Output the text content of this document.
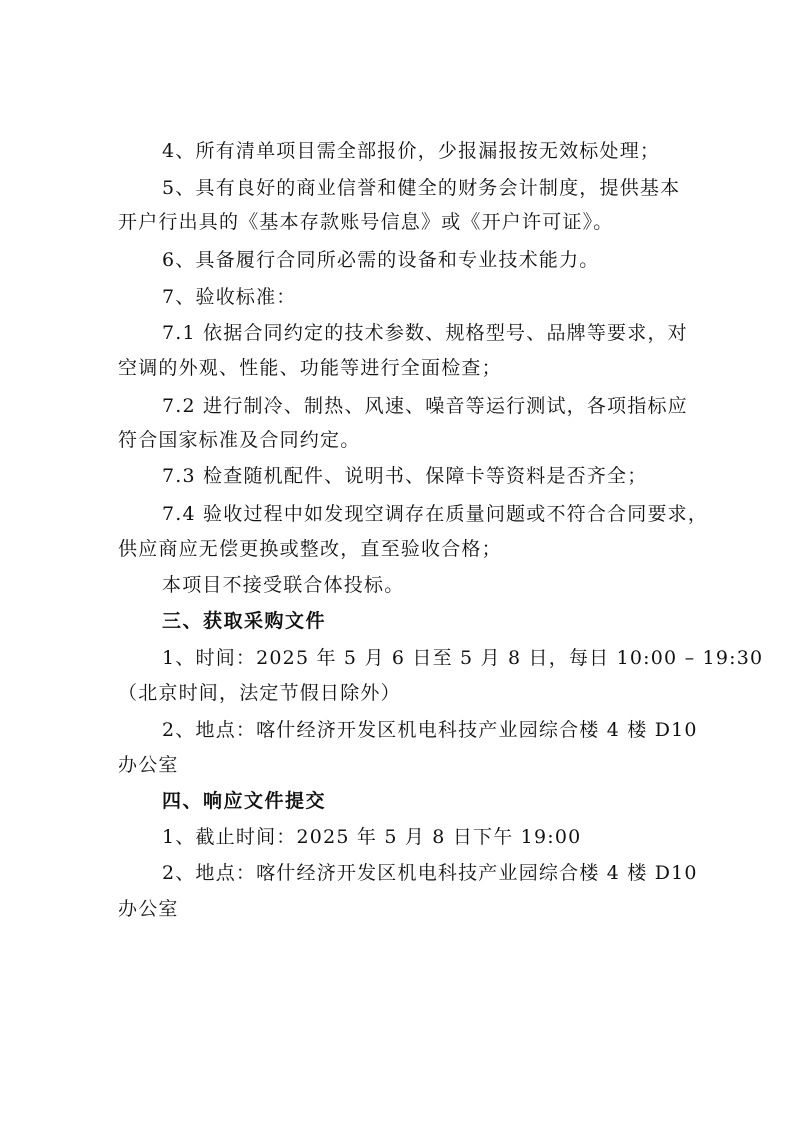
4、所有清单项目需全部报价，少报漏报按无效标处理；

5、具有良好的商业信誉和健全的财务会计制度，提供基本

开户行出具的《基本存款账号信息》或《开户许可证》。

6、具备履行合同所必需的设备和专业技术能力。

7、验收标准：

7.1 依据合同约定的技术参数、规格型号、品牌等要求，对

空调的外观、性能、功能等进行全面检查；

7.2 进行制冷、制热、风速、噪音等运行测试，各项指标应

符合国家标准及合同约定。

7.3 检查随机配件、说明书、保障卡等资料是否齐全；

7.4 验收过程中如发现空调存在质量问题或不符合合同要求，

供应商应无偿更换或整改，直至验收合格；

本项目不接受联合体投标。

三、获取采购文件

1、时间：2025 年 5 月 6 日至 5 月 8 日，每日 10:00 – 19:30

（北京时间，法定节假日除外）

2、地点：喀什经济开发区机电科技产业园综合楼 4 楼 D10

办公室

四、响应文件提交

1、截止时间：2025 年 5 月 8 日下午 19:00

2、地点：喀什经济开发区机电科技产业园综合楼 4 楼 D10

办公室
